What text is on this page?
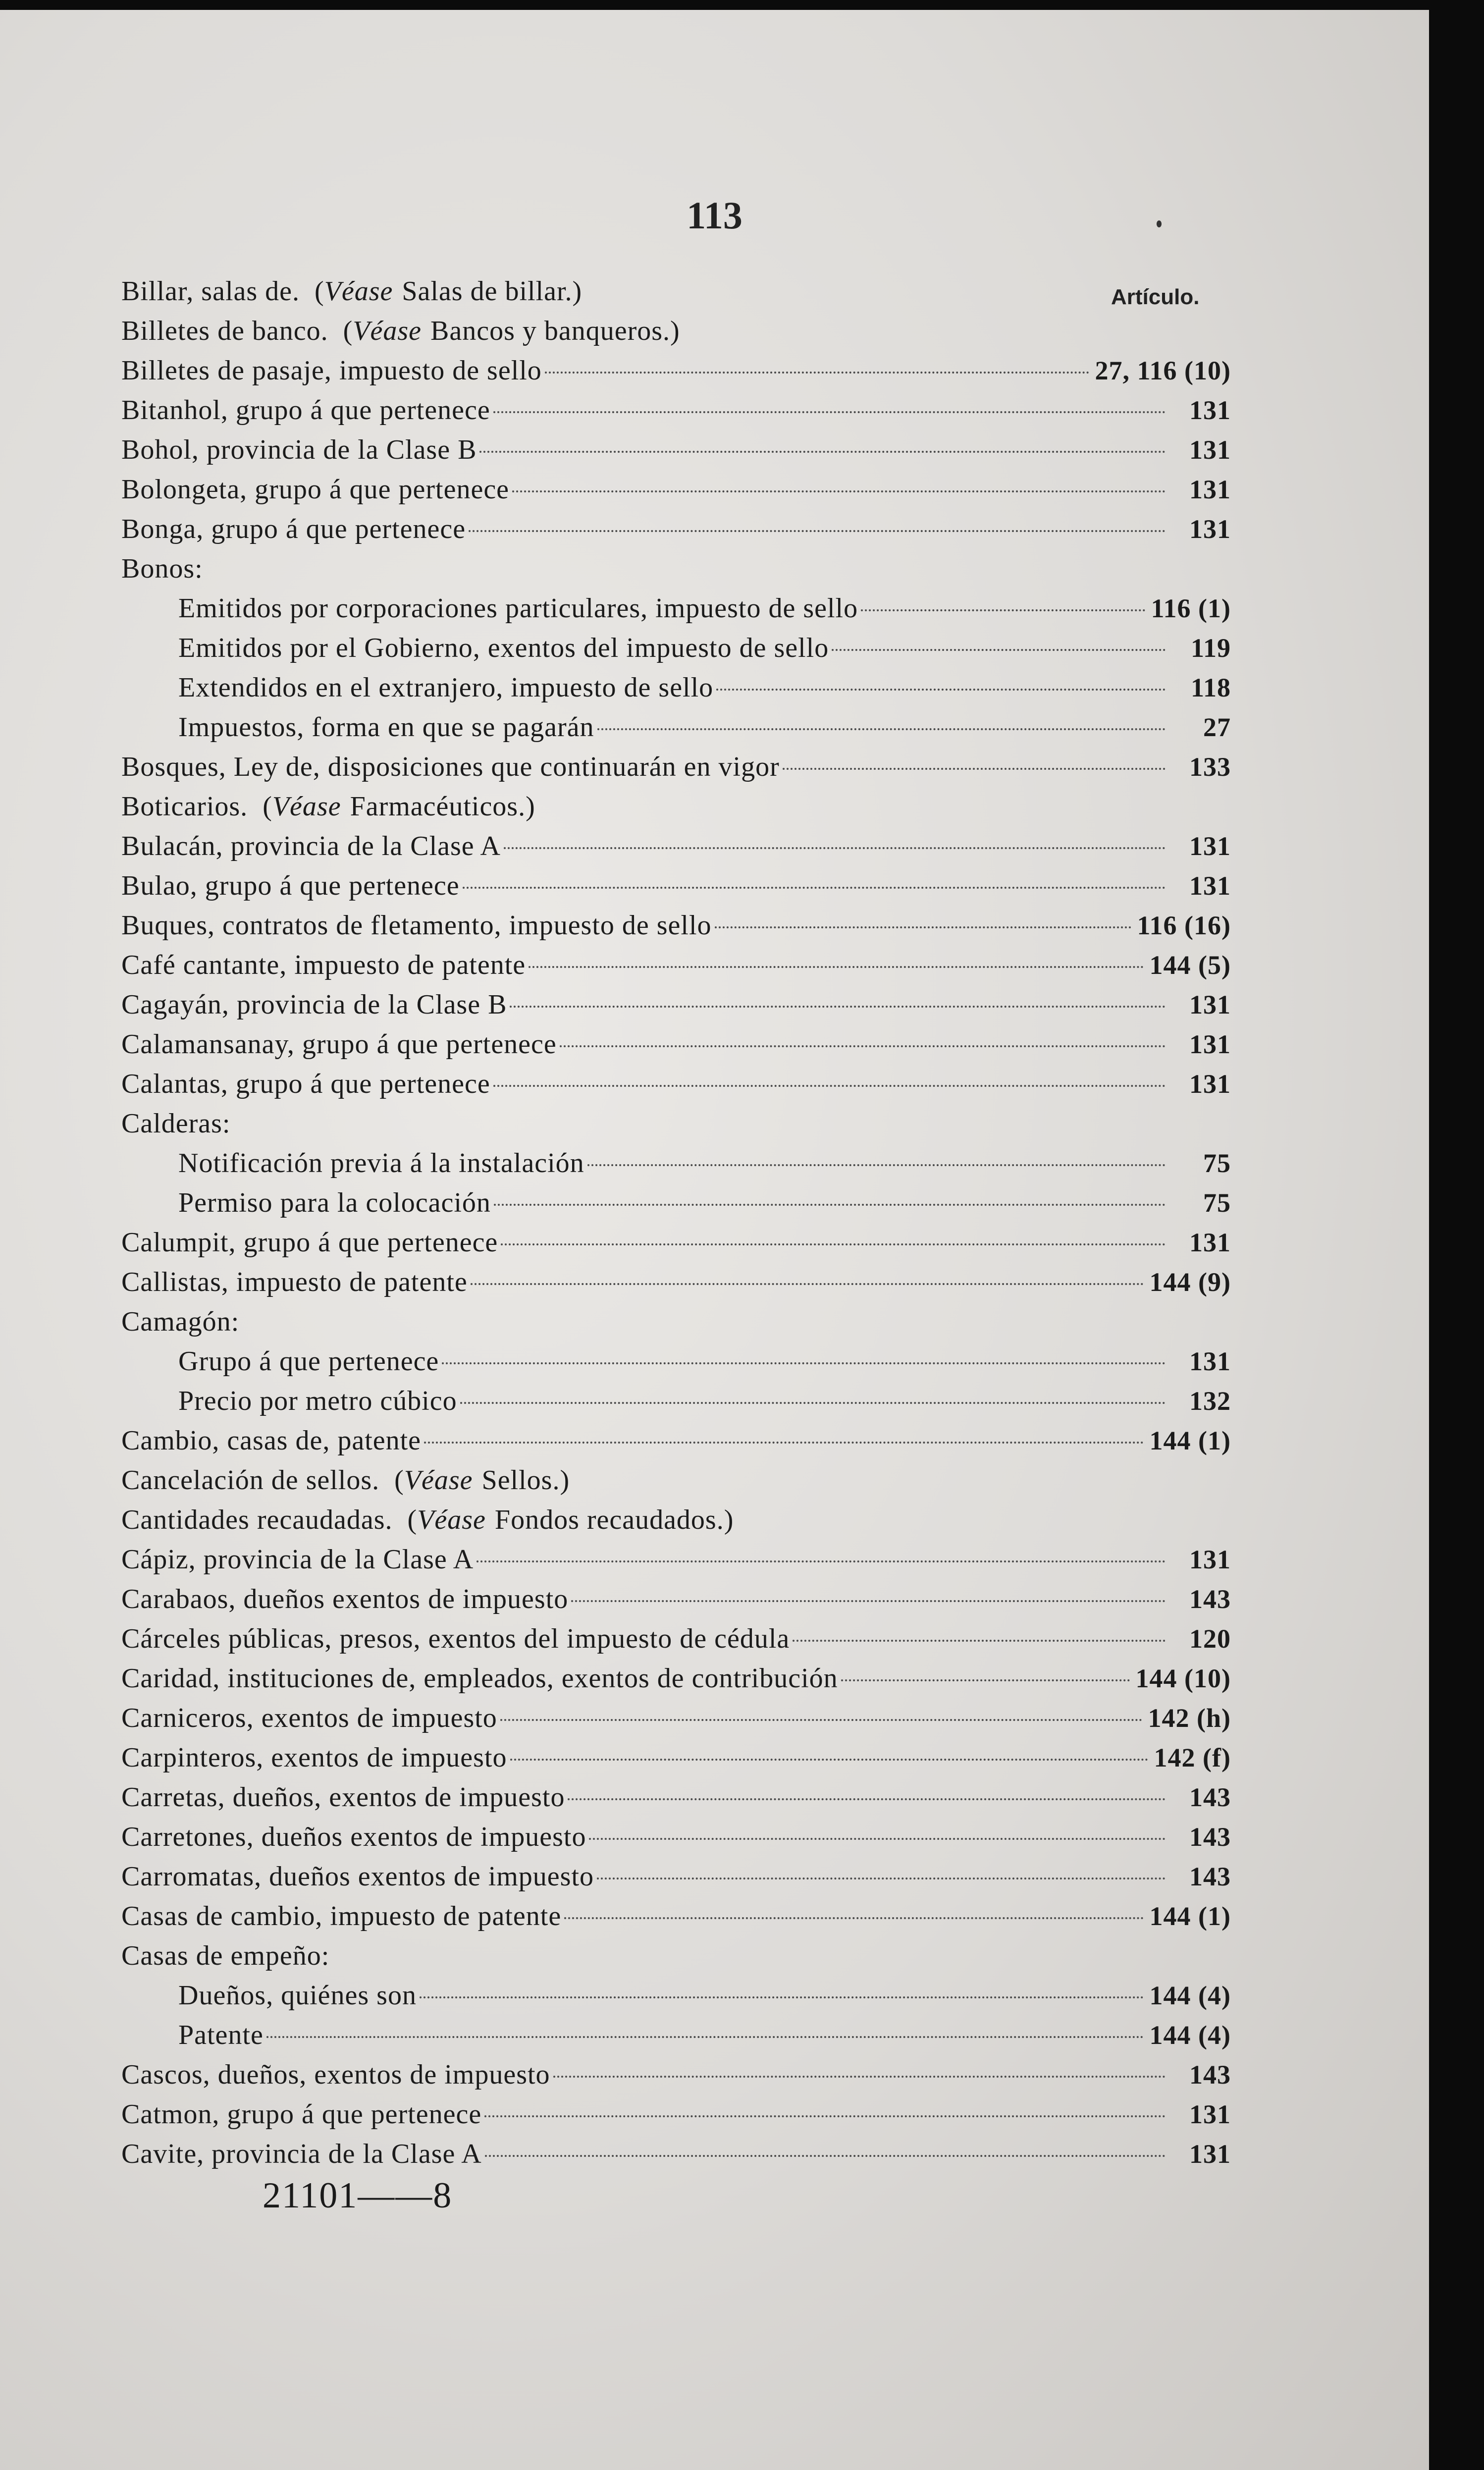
113
Artículo.
Billar, salas de. (Véase Salas de billar.)
Billetes de banco. (Véase Bancos y banqueros.)
Billetes de pasaje, impuesto de sello	27, 116 (10)
Bitanhol, grupo á que pertenece	131
Bohol, provincia de la Clase B	131
Bolongeta, grupo á que pertenece	131
Bonga, grupo á que pertenece	131
Bonos:
Emitidos por corporaciones particulares, impuesto de sello	116 (1)
Emitidos por el Gobierno, exentos del impuesto de sello	119
Extendidos en el extranjero, impuesto de sello	118
Impuestos, forma en que se pagarán	27
Bosques, Ley de, disposiciones que continuarán en vigor	133
Boticarios. (Véase Farmacéuticos.)
Bulacán, provincia de la Clase A	131
Bulao, grupo á que pertenece	131
Buques, contratos de fletamento, impuesto de sello	116 (16)
Café cantante, impuesto de patente	144 (5)
Cagayán, provincia de la Clase B	131
Calamansanay, grupo á que pertenece	131
Calantas, grupo á que pertenece	131
Calderas:
Notificación previa á la instalación	75
Permiso para la colocación	75
Calumpit, grupo á que pertenece	131
Callistas, impuesto de patente	144 (9)
Camagón:
Grupo á que pertenece	131
Precio por metro cúbico	132
Cambio, casas de, patente	144 (1)
Cancelación de sellos. (Véase Sellos.)
Cantidades recaudadas. (Véase Fondos recaudados.)
Cápiz, provincia de la Clase A	131
Carabaos, dueños exentos de impuesto	143
Cárceles públicas, presos, exentos del impuesto de cédula	120
Caridad, instituciones de, empleados, exentos de contribución	144 (10)
Carniceros, exentos de impuesto	142 (h)
Carpinteros, exentos de impuesto	142 (f)
Carretas, dueños, exentos de impuesto	143
Carretones, dueños exentos de impuesto	143
Carromatas, dueños exentos de impuesto	143
Casas de cambio, impuesto de patente	144 (1)
Casas de empeño:
Dueños, quiénes son	144 (4)
Patente	144 (4)
Cascos, dueños, exentos de impuesto	143
Catmon, grupo á que pertenece	131
Cavite, provincia de la Clase A	131
21101——8
